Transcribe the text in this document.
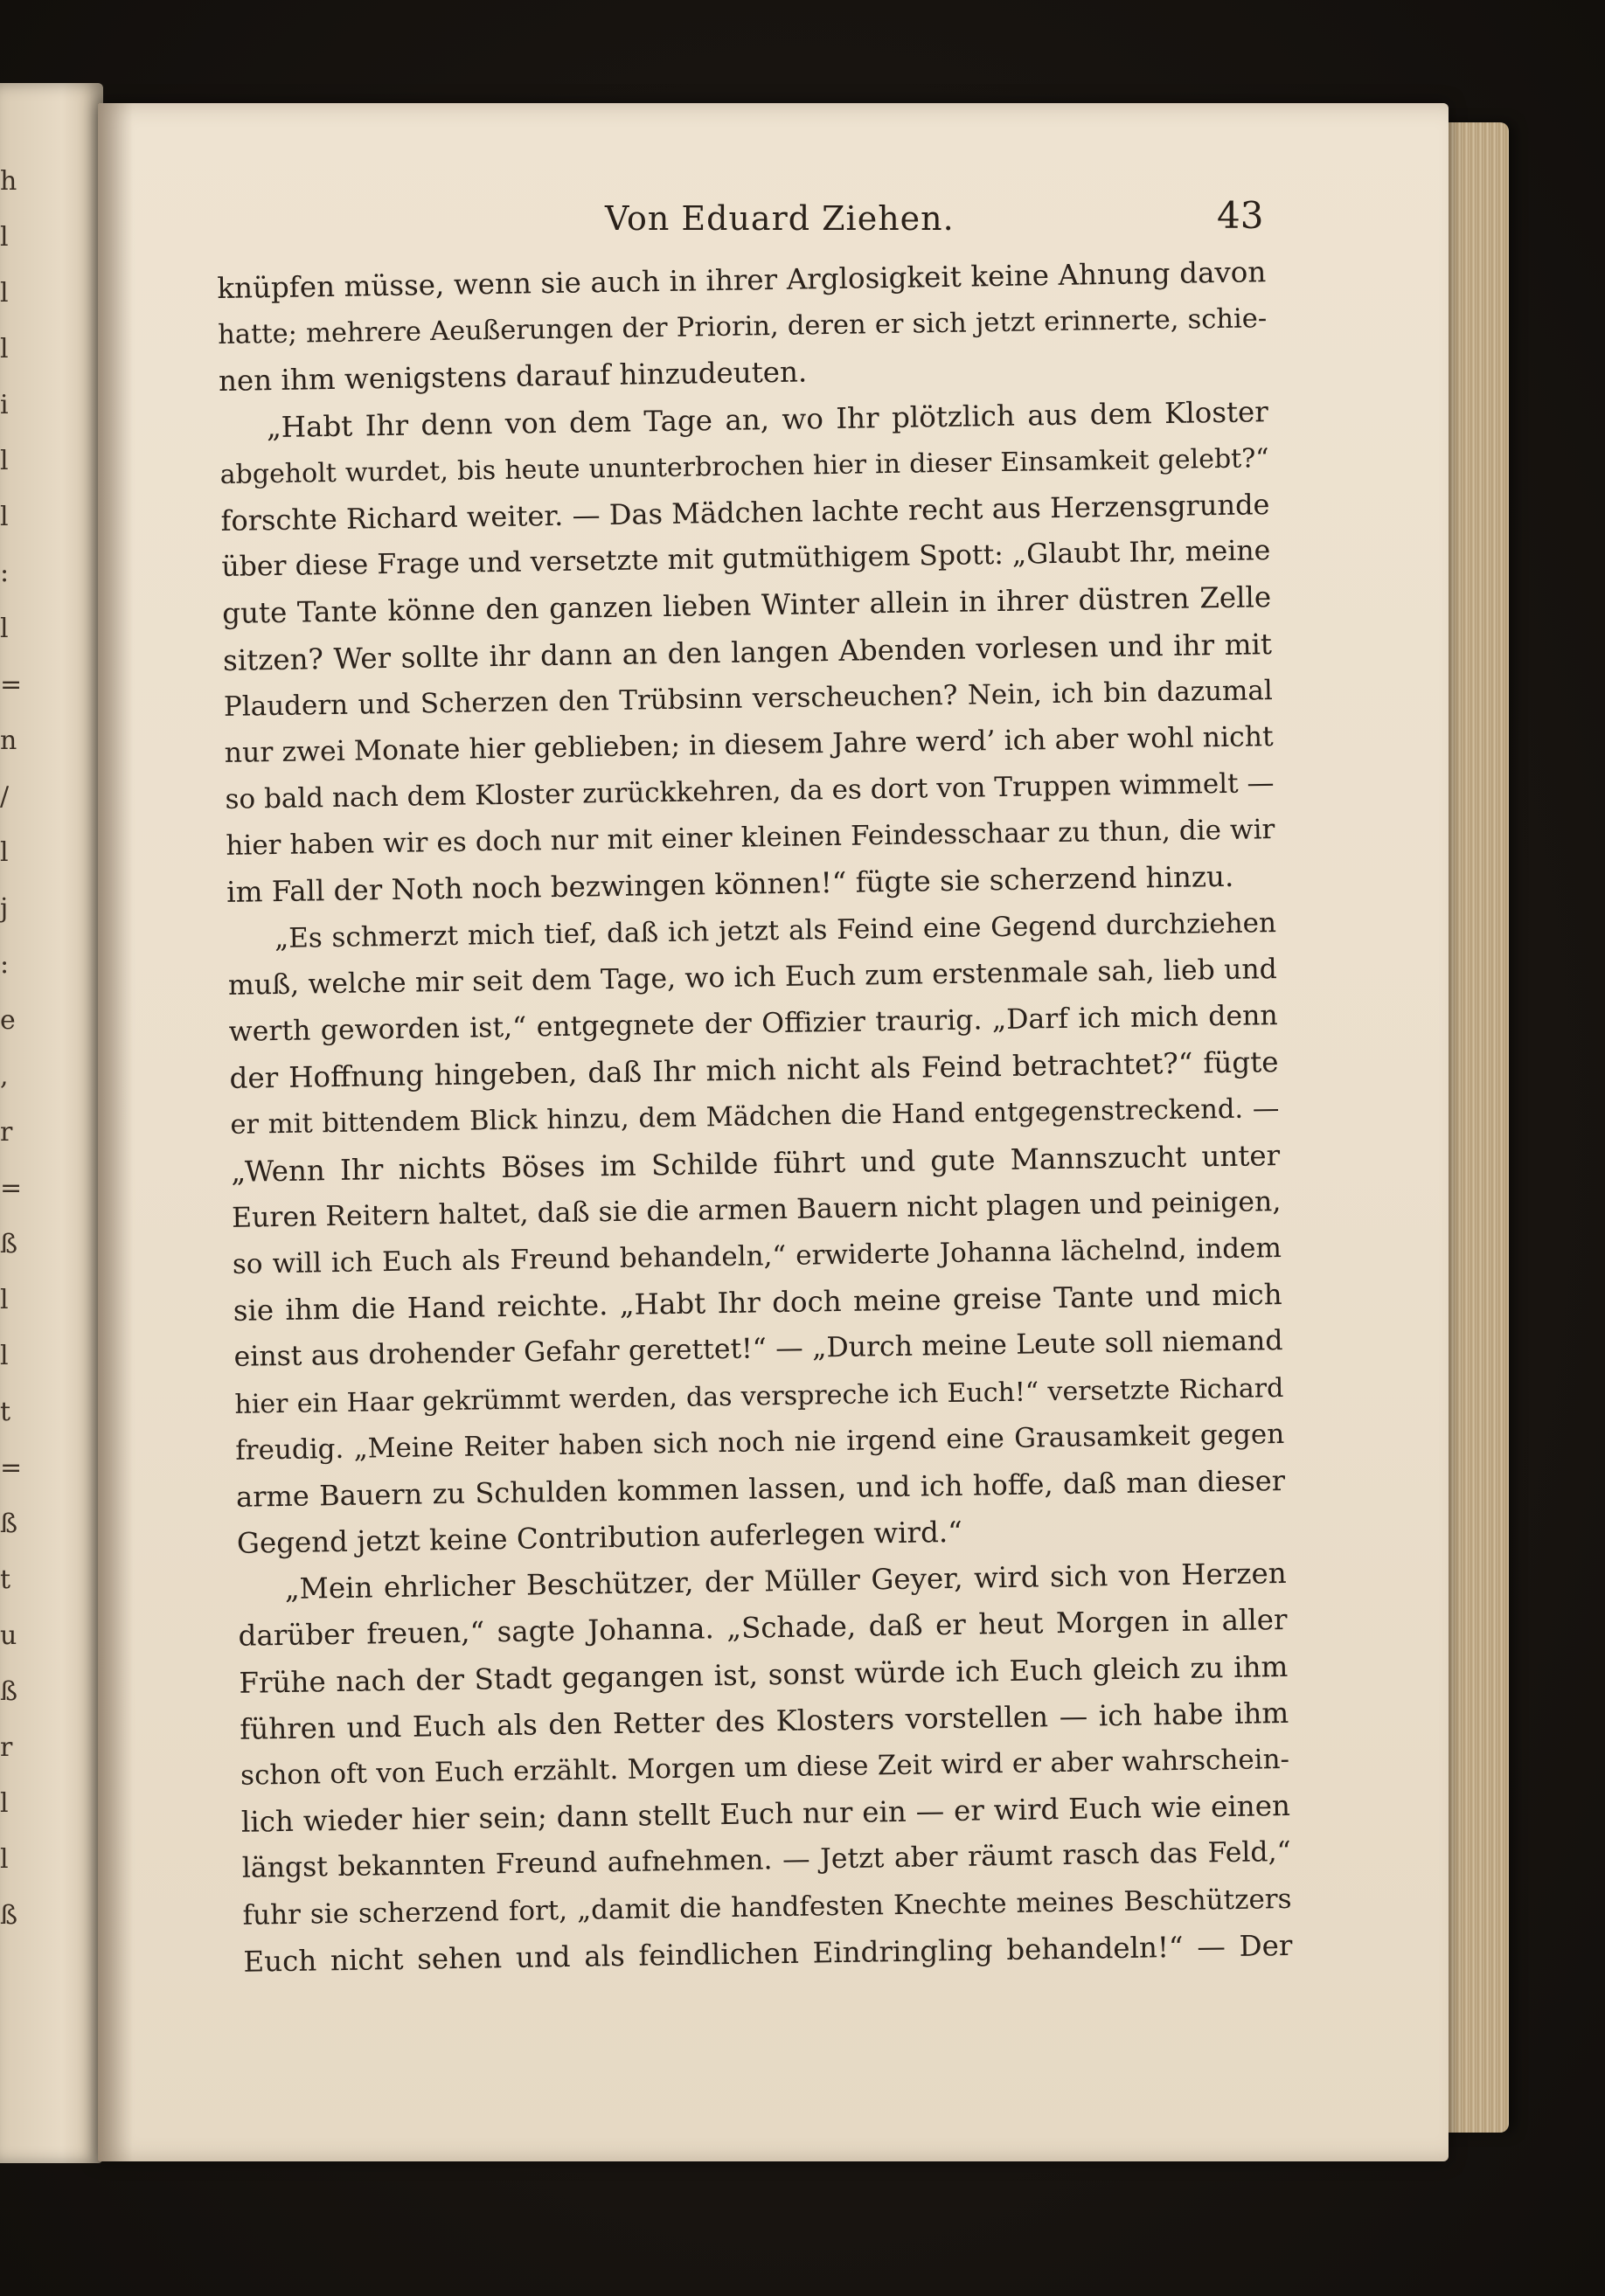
h
l
l
l
i
l
l
:
l
=
n
/
l
j
:
e
,
r
=
ß
l
l
t
=
ß
t
u
ß
r
l
l
ß
Von Eduard Ziehen.	43
knüpfen müsse, wenn sie auch in ihrer Arglosigkeit keine Ahnung davon
hatte; mehrere Aeußerungen der Priorin, deren er sich jetzt erinnerte, schie-
nen ihm wenigstens darauf hinzudeuten.
„Habt Ihr denn von dem Tage an, wo Ihr plötzlich aus dem Kloster
abgeholt wurdet, bis heute ununterbrochen hier in dieser Einsamkeit gelebt?“
forschte Richard weiter. — Das Mädchen lachte recht aus Herzensgrunde
über diese Frage und versetzte mit gutmüthigem Spott: „Glaubt Ihr, meine
gute Tante könne den ganzen lieben Winter allein in ihrer düstren Zelle
sitzen? Wer sollte ihr dann an den langen Abenden vorlesen und ihr mit
Plaudern und Scherzen den Trübsinn verscheuchen? Nein, ich bin dazumal
nur zwei Monate hier geblieben; in diesem Jahre werd’ ich aber wohl nicht
so bald nach dem Kloster zurückkehren, da es dort von Truppen wimmelt —
hier haben wir es doch nur mit einer kleinen Feindesschaar zu thun, die wir
im Fall der Noth noch bezwingen können!“ fügte sie scherzend hinzu.
„Es schmerzt mich tief, daß ich jetzt als Feind eine Gegend durchziehen
muß, welche mir seit dem Tage, wo ich Euch zum erstenmale sah, lieb und
werth geworden ist,“ entgegnete der Offizier traurig. „Darf ich mich denn
der Hoffnung hingeben, daß Ihr mich nicht als Feind betrachtet?“ fügte
er mit bittendem Blick hinzu, dem Mädchen die Hand entgegenstreckend. —
„Wenn Ihr nichts Böses im Schilde führt und gute Mannszucht unter
Euren Reitern haltet, daß sie die armen Bauern nicht plagen und peinigen,
so will ich Euch als Freund behandeln,“ erwiderte Johanna lächelnd, indem
sie ihm die Hand reichte. „Habt Ihr doch meine greise Tante und mich
einst aus drohender Gefahr gerettet!“ — „Durch meine Leute soll niemand
hier ein Haar gekrümmt werden, das verspreche ich Euch!“ versetzte Richard
freudig. „Meine Reiter haben sich noch nie irgend eine Grausamkeit gegen
arme Bauern zu Schulden kommen lassen, und ich hoffe, daß man dieser
Gegend jetzt keine Contribution auferlegen wird.“
„Mein ehrlicher Beschützer, der Müller Geyer, wird sich von Herzen
darüber freuen,“ sagte Johanna. „Schade, daß er heut Morgen in aller
Frühe nach der Stadt gegangen ist, sonst würde ich Euch gleich zu ihm
führen und Euch als den Retter des Klosters vorstellen — ich habe ihm
schon oft von Euch erzählt. Morgen um diese Zeit wird er aber wahrschein-
lich wieder hier sein; dann stellt Euch nur ein — er wird Euch wie einen
längst bekannten Freund aufnehmen. — Jetzt aber räumt rasch das Feld,“
fuhr sie scherzend fort, „damit die handfesten Knechte meines Beschützers
Euch nicht sehen und als feindlichen Eindringling behandeln!“ — Der
